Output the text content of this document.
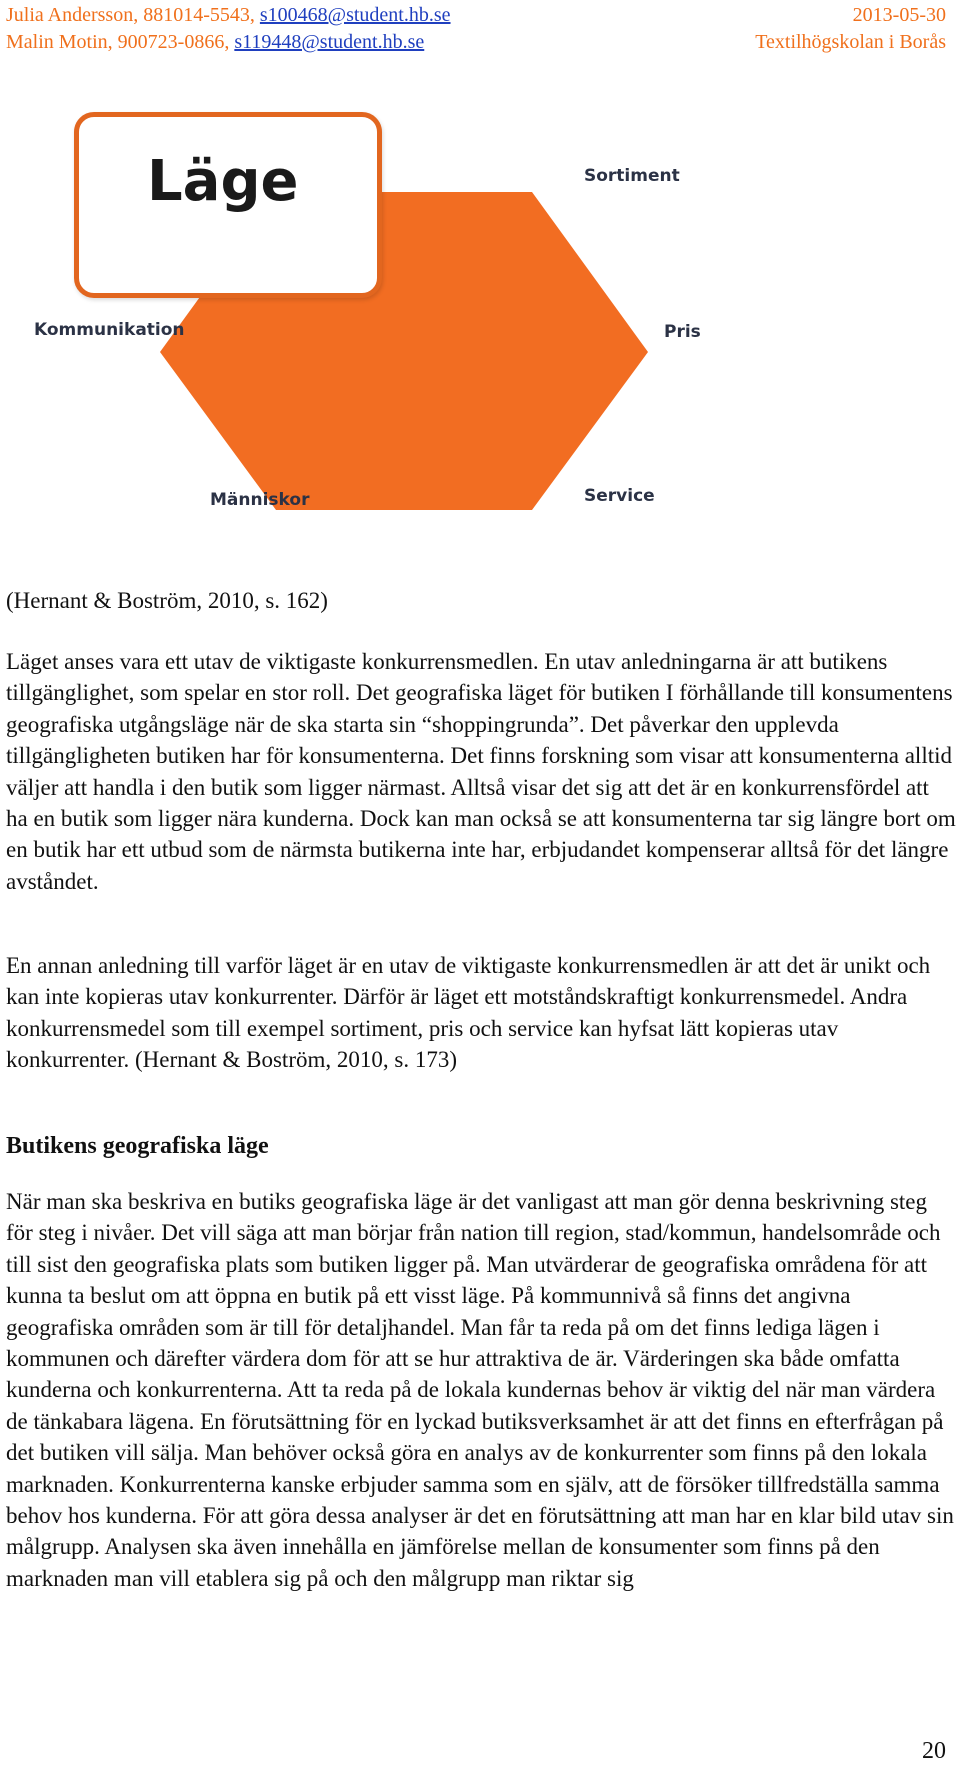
Julia Andersson, 881014-5543, s100468@student.hb.se	2013-05-30
Malin Motin, 900723-0866, s119448@student.hb.se	Textilhögskolan i Borås
Läge	Sortiment
Kommunikation	Pris
Människor	Service

(Hernant & Boström, 2010, s. 162)

Läget anses vara ett utav de viktigaste konkurrensmedlen. En utav anledningarna är att butikens tillgänglighet, som spelar en stor roll. Det geografiska läget för butiken I förhållande till konsumentens geografiska utgångsläge när de ska starta sin “shoppingrunda”. Det påverkar den upplevda tillgängligheten butiken har för konsumenterna. Det finns forskning som visar att konsumenterna alltid väljer att handla i den butik som ligger närmast. Alltså visar det sig att det är en konkurrensfördel att ha en butik som ligger nära kunderna. Dock kan man också se att konsumenterna tar sig längre bort om en butik har ett utbud som de närmsta butikerna inte har, erbjudandet kompenserar alltså för det längre avståndet.

En annan anledning till varför läget är en utav de viktigaste konkurrensmedlen är att det är unikt och kan inte kopieras utav konkurrenter. Därför är läget ett motståndskraftigt konkurrensmedel. Andra konkurrensmedel som till exempel sortiment, pris och service kan hyfsat lätt kopieras utav konkurrenter. (Hernant & Boström, 2010, s. 173)

Butikens geografiska läge

När man ska beskriva en butiks geografiska läge är det vanligast att man gör denna beskrivning steg för steg i nivåer. Det vill säga att man börjar från nation till region, stad/kommun, handelsområde och till sist den geografiska plats som butiken ligger på. Man utvärderar de geografiska områdena för att kunna ta beslut om att öppna en butik på ett visst läge. På kommunnivå så finns det angivna geografiska områden som är till för detaljhandel. Man får ta reda på om det finns lediga lägen i kommunen och därefter värdera dom för att se hur attraktiva de är. Värderingen ska både omfatta kunderna och konkurrenterna. Att ta reda på de lokala kundernas behov är viktig del när man värdera de tänkabara lägena. En förutsättning för en lyckad butiksverksamhet är att det finns en efterfrågan på det butiken vill sälja. Man behöver också göra en analys av de konkurrenter som finns på den lokala marknaden. Konkurrenterna kanske erbjuder samma som en själv, att de försöker tillfredställa samma behov hos kunderna. För att göra dessa analyser är det en förutsättning att man har en klar bild utav sin målgrupp. Analysen ska även innehålla en jämförelse mellan de konsumenter som finns på den marknaden man vill etablera sig på och den målgrupp man riktar sig

20
